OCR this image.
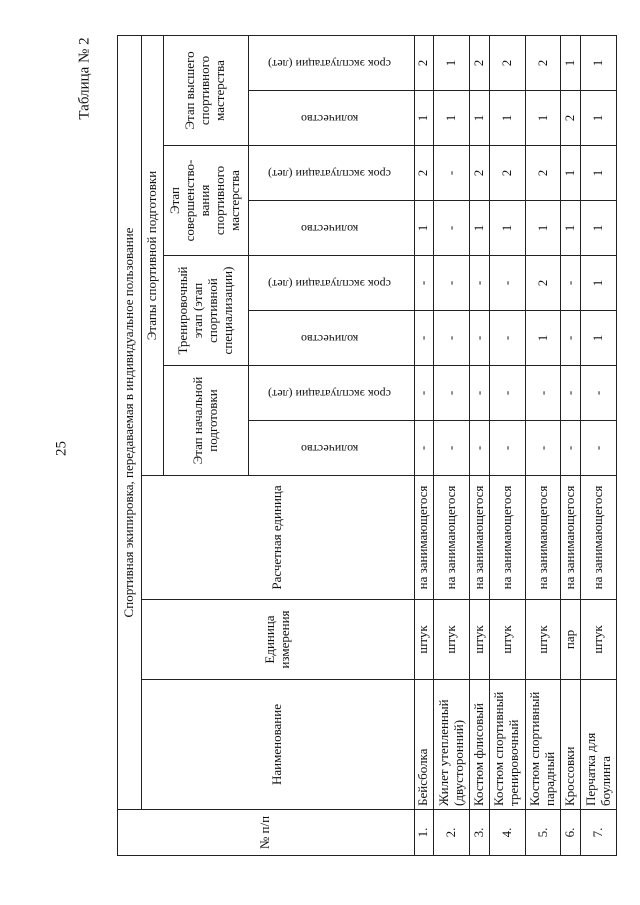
25
Таблица № 2
№ п/п	Спортивная экипировка, передаваемая в индивидуальное пользование										
	Наименование	Единица измерения	Расчетная единица	Этапы спортивной подготовки							
				Этап начальной подготовки		Тренировочный этап (этап спортивной специализации)		Этап совершенство-вания спортивного мастерства		Этап высшего спортивного мастерства	
				количество	срок эксплуатации (лет)	количество	срок эксплуатации (лет)	количество	срок эксплуатации (лет)	количество	срок эксплуатации (лет)
1.	Бейсболка	штук	на занимающегося	-	-	-	-	1	2	1	2
2.	Жилет утепленный (двусторонний)	штук	на занимающегося	-	-	-	-	-	-	1	1
3.	Костюм флисовый	штук	на занимающегося	-	-	-	-	1	2	1	2
4.	Костюм спортивный тренировочный	штук	на занимающегося	-	-	-	-	1	2	1	2
5.	Костюм спортивный парадный	штук	на занимающегося	-	-	1	2	1	2	1	2
6.	Кроссовки	пар	на занимающегося	-	-	-	-	1	1	2	1
7.	Перчатка для боулинга	штук	на занимающегося	-	-	1	1	1	1	1	1
